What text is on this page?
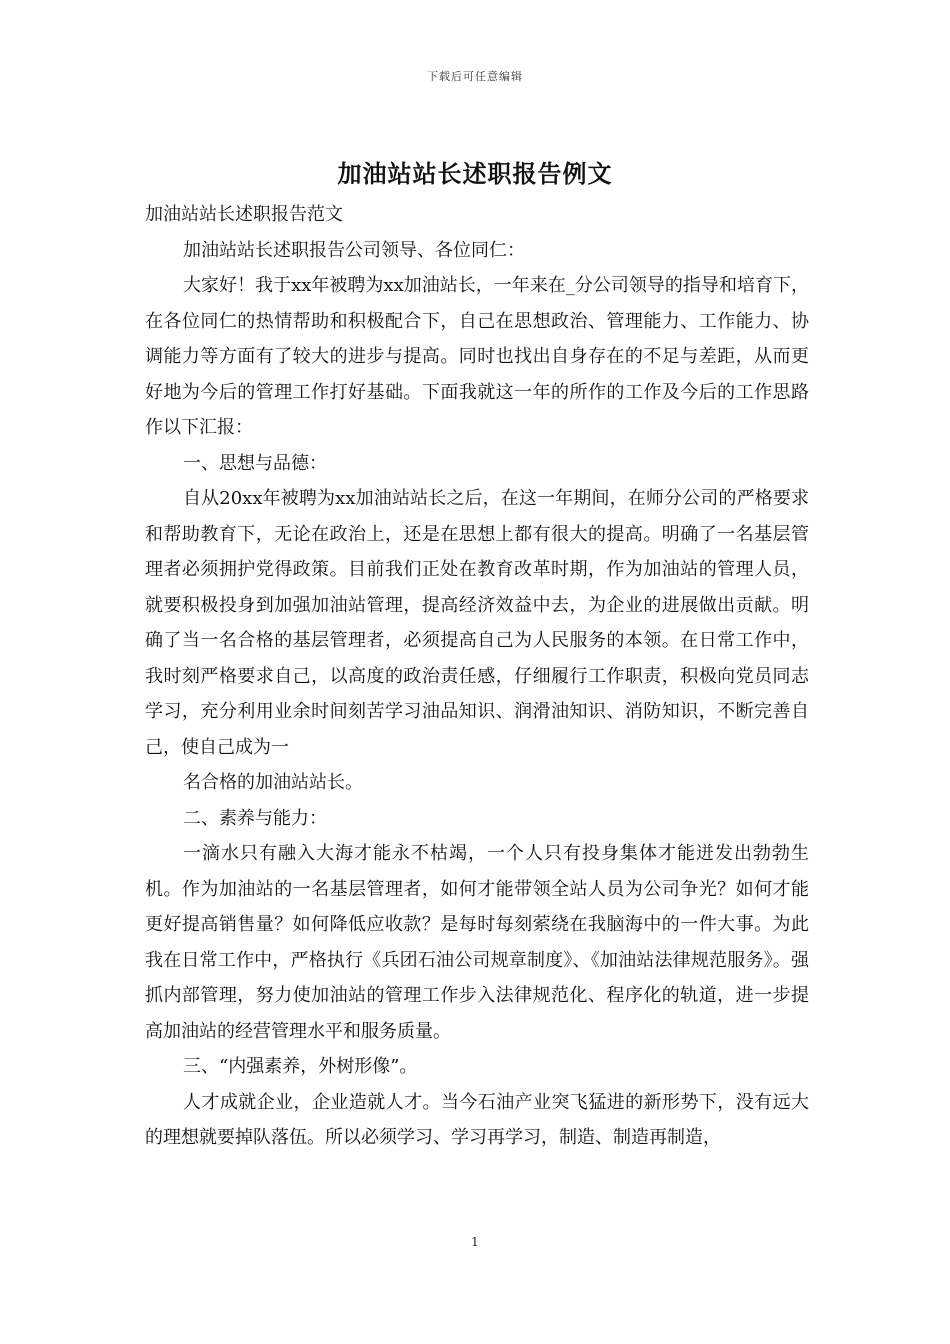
下载后可任意编辑
加油站站长述职报告例文

加油站站长述职报告范文

加油站站长述职报告公司领导、各位同仁：

大家好！我于xx年被聘为xx加油站长，一年来在_分公司领导的指导和培育下，在各位同仁的热情帮助和积极配合下，自己在思想政治、管理能力、工作能力、协调能力等方面有了较大的进步与提高。同时也找出自身存在的不足与差距，从而更好地为今后的管理工作打好基础。下面我就这一年的所作的工作及今后的工作思路作以下汇报：

一、思想与品德：

自从20xx年被聘为xx加油站站长之后，在这一年期间，在师分公司的严格要求和帮助教育下，无论在政治上，还是在思想上都有很大的提高。明确了一名基层管理者必须拥护党得政策。目前我们正处在教育改革时期，作为加油站的管理人员，就要积极投身到加强加油站管理，提高经济效益中去，为企业的进展做出贡献。明确了当一名合格的基层管理者，必须提高自己为人民服务的本领。在日常工作中，我时刻严格要求自己，以高度的政治责任感，仔细履行工作职责，积极向党员同志学习，充分利用业余时间刻苦学习油品知识、润滑油知识、消防知识，不断完善自己，使自己成为一

名合格的加油站站长。

二、素养与能力：

一滴水只有融入大海才能永不枯竭，一个人只有投身集体才能迸发出勃勃生机。作为加油站的一名基层管理者，如何才能带领全站人员为公司争光？如何才能更好提高销售量？如何降低应收款？是每时每刻萦绕在我脑海中的一件大事。为此我在日常工作中，严格执行《兵团石油公司规章制度》、《加油站法律规范服务》。强抓内部管理，努力使加油站的管理工作步入法律规范化、程序化的轨道，进一步提高加油站的经营管理水平和服务质量。

三、“内强素养，外树形像”。

人才成就企业，企业造就人才。当今石油产业突飞猛进的新形势下，没有远大的理想就要掉队落伍。所以必须学习、学习再学习，制造、制造再制造，

1
